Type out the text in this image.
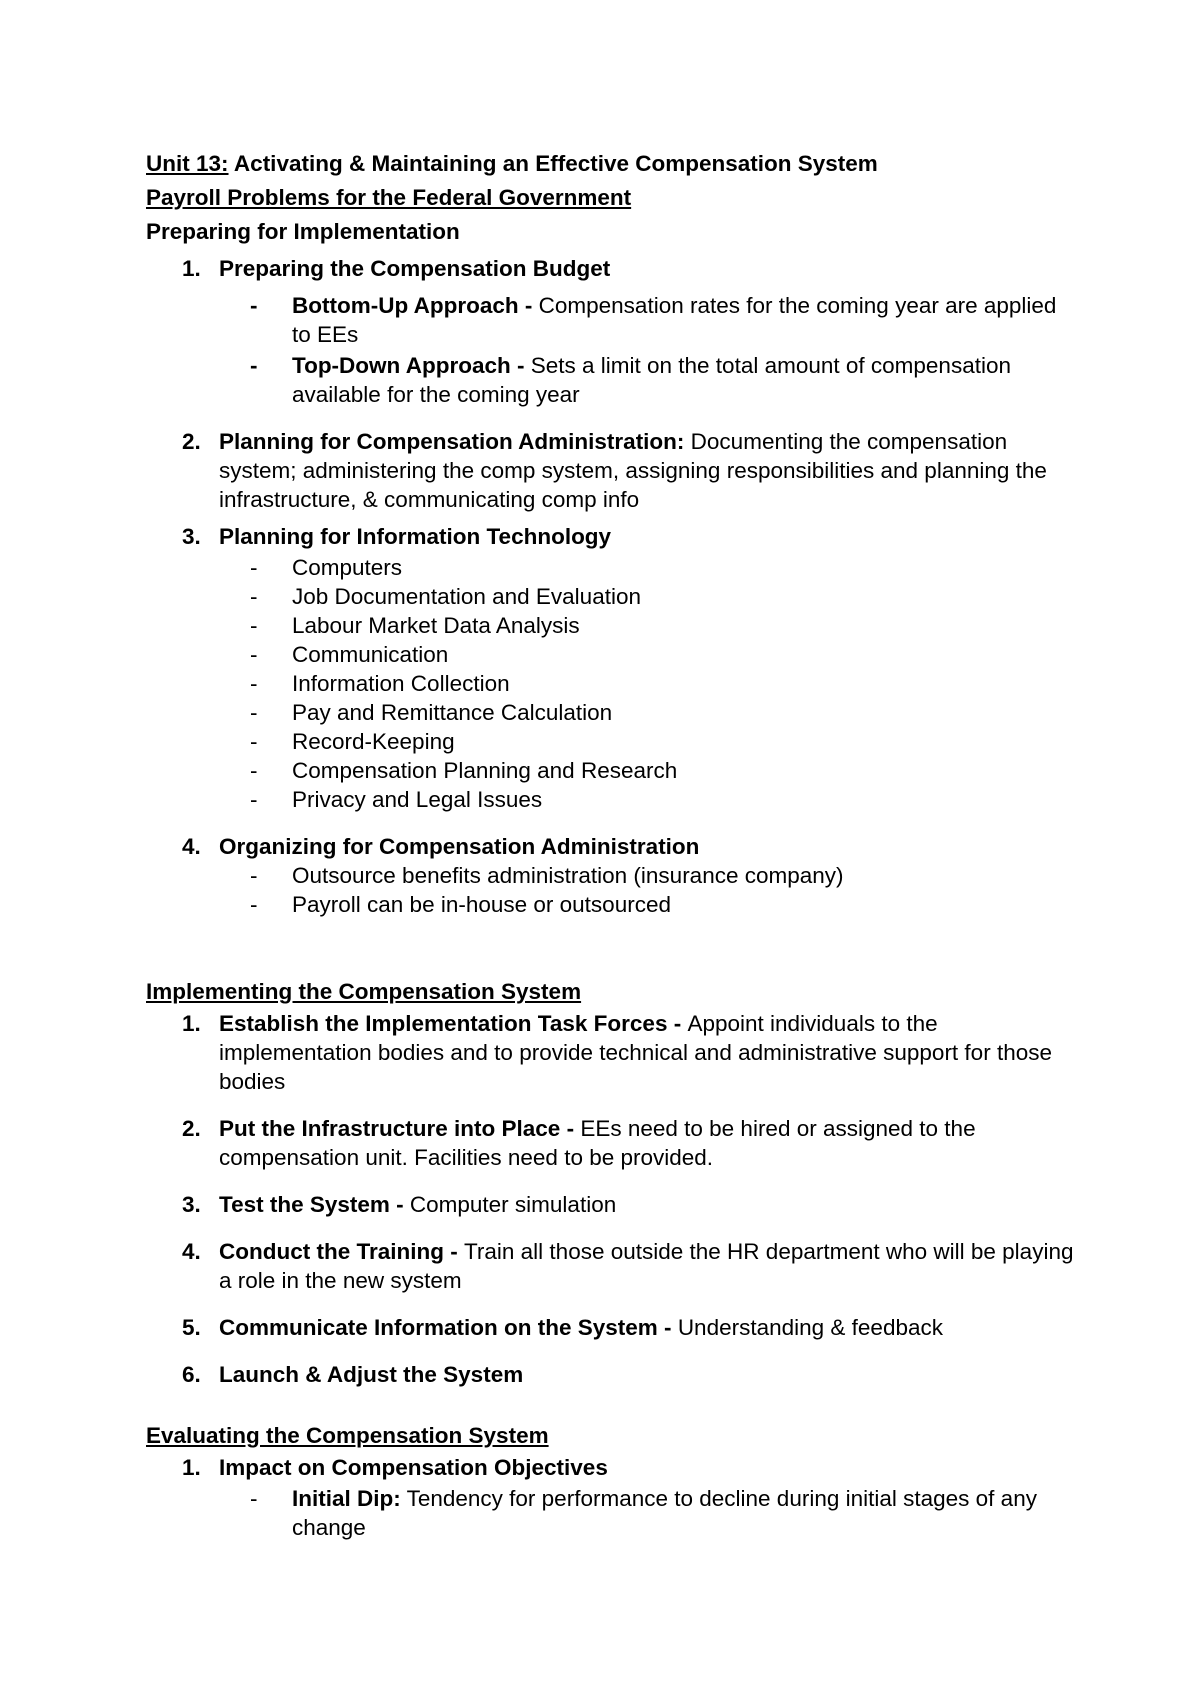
Unit 13: Activating & Maintaining an Effective Compensation System

Payroll Problems for the Federal Government

Preparing for Implementation

1. Preparing the Compensation Budget
- Bottom-Up Approach - Compensation rates for the coming year are applied to EEs
- Top-Down Approach - Sets a limit on the total amount of compensation available for the coming year
2. Planning for Compensation Administration: Documenting the compensation system; administering the comp system, assigning responsibilities and planning the infrastructure, & communicating comp info
3. Planning for Information Technology
- Computers
- Job Documentation and Evaluation
- Labour Market Data Analysis
- Communication
- Information Collection
- Pay and Remittance Calculation
- Record-Keeping
- Compensation Planning and Research
- Privacy and Legal Issues
4. Organizing for Compensation Administration
- Outsource benefits administration (insurance company)
- Payroll can be in-house or outsourced

Implementing the Compensation System

1. Establish the Implementation Task Forces - Appoint individuals to the implementation bodies and to provide technical and administrative support for those bodies
2. Put the Infrastructure into Place - EEs need to be hired or assigned to the compensation unit. Facilities need to be provided.
3. Test the System - Computer simulation
4. Conduct the Training - Train all those outside the HR department who will be playing a role in the new system
5. Communicate Information on the System - Understanding & feedback
6. Launch & Adjust the System

Evaluating the Compensation System

1. Impact on Compensation Objectives
- Initial Dip: Tendency for performance to decline during initial stages of any change
